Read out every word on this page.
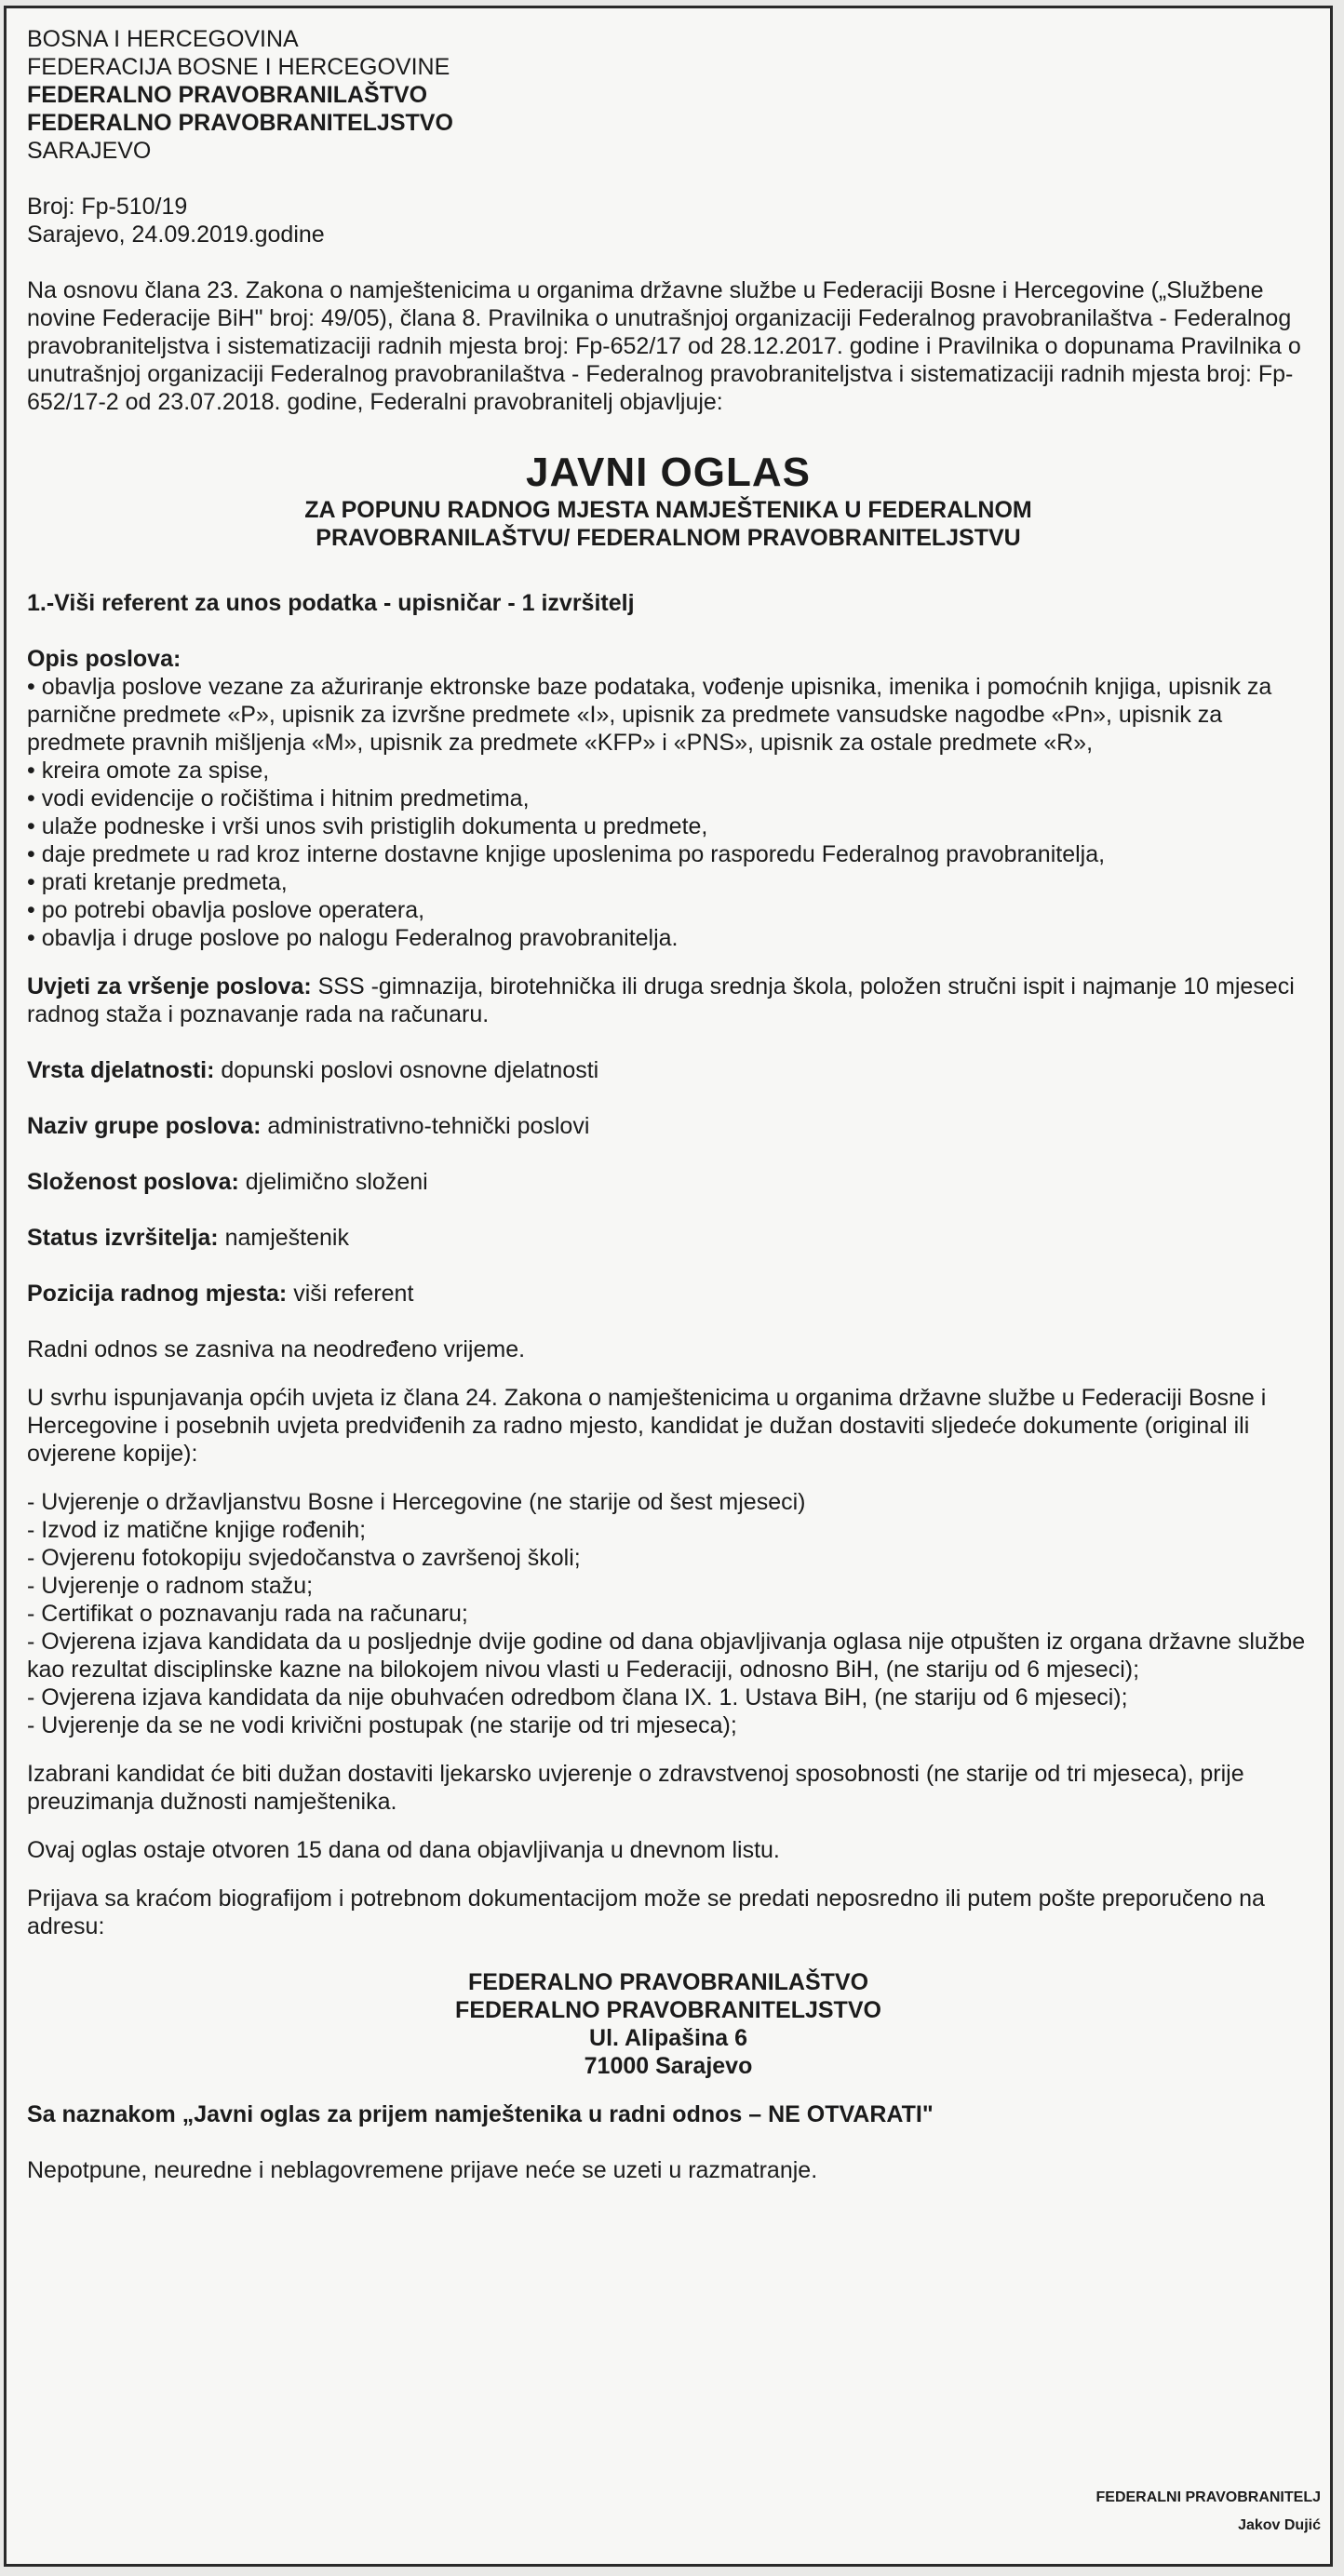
BOSNA I HERCEGOVINA
FEDERACIJA BOSNE I HERCEGOVINE
FEDERALNO PRAVOBRANILAŠTVO
FEDERALNO PRAVOBRANITELJSTVO
SARAJEVO
Broj: Fp-510/19
Sarajevo, 24.09.2019.godine
Na osnovu člana 23. Zakona o namještenicima u organima državne službe u Federaciji Bosne i Hercegovine („Službene novine Federacije BiH" broj: 49/05), člana 8. Pravilnika o unutrašnjoj organizaciji Federalnog pravobranilaštva - Federalnog pravobraniteljstva i sistematizaciji radnih mjesta broj: Fp-652/17 od 28.12.2017. godine i Pravilnika o dopunama Pravilnika o unutrašnjoj organizaciji Federalnog pravobranilaštva - Federalnog pravobraniteljstva i sistematizaciji radnih mjesta broj: Fp-652/17-2 od 23.07.2018. godine, Federalni pravobranitelj objavljuje:
JAVNI OGLAS
ZA POPUNU RADNOG MJESTA NAMJEŠTENIKA U FEDERALNOM
PRAVOBRANILAŠTVU/ FEDERALNOM PRAVOBRANITELJSTVU
1.-Viši referent za unos podatka - upisničar - 1 izvršitelj
Opis poslova:
• obavlja poslove vezane za ažuriranje ektronske baze podataka, vođenje upisnika, imenika i pomoćnih knjiga, upisnik za parničnе predmete «P», upisnik za izvršne predmete «I», upisnik za predmete vansudske nagodbe «Pn», upisnik za predmete pravnih mišljenja «M», upisnik za predmete «KFP» i «PNS», upisnik za ostale predmete «R»,
• kreira omote za spise,
• vodi evidencije o ročištima i hitnim predmetima,
• ulaže podneske i vrši unos svih pristiglih dokumenta u predmete,
• daje predmete u rad kroz interne dostavne knjige uposlenima po rasporedu Federalnog pravobranitelja,
• prati kretanje predmeta,
• po potrebi obavlja poslove operatera,
• obavlja i druge poslove po nalogu Federalnog pravobranitelja.
Uvjeti za vršenje poslova: SSS -gimnazija, birotehnička ili druga srednja škola, položen stručni ispit i najmanje 10 mjeseci radnog staža i poznavanje rada na računaru.
Vrsta djelatnosti: dopunski poslovi osnovne djelatnosti
Naziv grupe poslova: administrativno-tehnički poslovi
Složenost poslova: djelimično složeni
Status izvršitelja: namještenik
Pozicija radnog mjesta: viši referent
Radni odnos se zasniva na neodređeno vrijeme.
U svrhu ispunjavanja općih uvjeta iz člana 24. Zakona o namještenicima u organima državne službe u Federaciji Bosne i Hercegovine i posebnih uvjeta predviđenih za radno mjesto, kandidat je dužan dostaviti sljedeće dokumente (original ili ovjerene kopije):
- Uvjerenje o državljanstvu Bosne i Hercegovine (ne starije od šest mjeseci)
- Izvod iz matične knjige rođenih;
- Ovjerenu fotokopiju svjedočanstva o završenoj školi;
- Uvjerenje o radnom stažu;
- Certifikat o poznavanju rada na računaru;
- Ovjerena izjava kandidata da u posljednje dvije godine od dana objavljivanja oglasa nije otpušten iz organa državne službe kao rezultat disciplinske kazne na bilokojem nivou vlasti u Federaciji, odnosno BiH, (ne stariju od 6 mjeseci);
- Ovjerena izjava kandidata da nije obuhvaćen odredbom člana IX. 1. Ustava BiH, (ne stariju od 6 mjeseci);
- Uvjerenje da se ne vodi krivični postupak (ne starije od tri mjeseca);
Izabrani kandidat će biti dužan dostaviti ljekarsko uvjerenje o zdravstvenoj sposobnosti (ne starije od tri mjeseca), prije preuzimanja dužnosti namještenika.
Ovaj oglas ostaje otvoren 15 dana od dana objavljivanja u dnevnom listu.
Prijava sa kraćom biografijom i potrebnom dokumentacijom može se predati neposredno ili putem pošte preporučeno na adresu:
FEDERALNO PRAVOBRANILAŠTVO
FEDERALNO PRAVOBRANITELJSTVO
Ul. Alipašina 6
71000 Sarajevo
Sa naznakom „Javni oglas za prijem namještenika u radni odnos – NE OTVARATI"
Nepotpune, neuredne i neblagovremene prijave neće se uzeti u razmatranje.
FEDERALNI PRAVOBRANITELJ
Jakov Dujić
